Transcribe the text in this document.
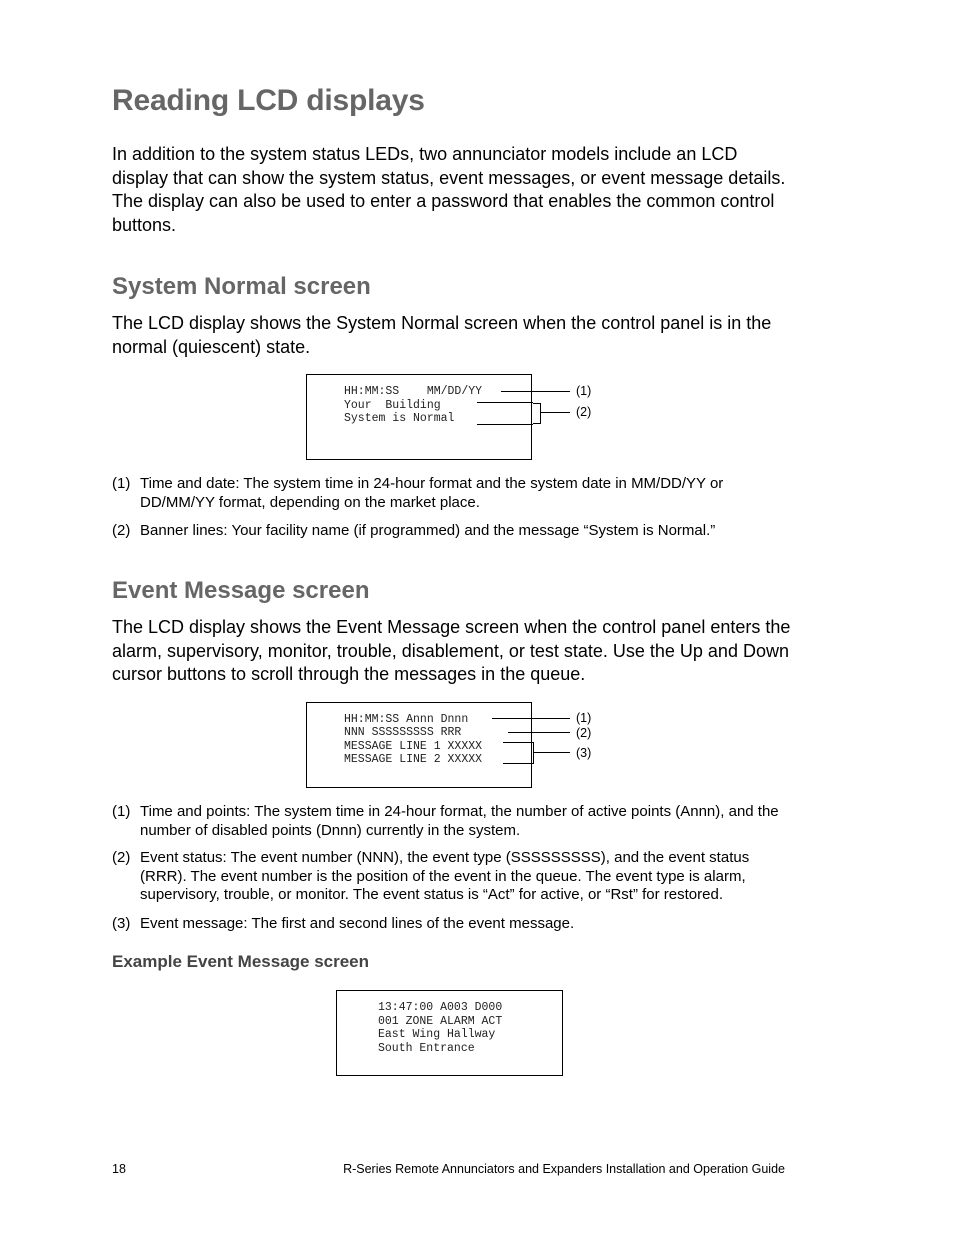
Reading LCD displays

In addition to the system status LEDs, two annunciator models include an LCD display that can show the system status, event messages, or event message details. The display can also be used to enter a password that enables the common control buttons.

System Normal screen

The LCD display shows the System Normal screen when the control panel is in the normal (quiescent) state.

HH:MM:SS    MM/DD/YY
Your  Building
System is Normal
(1)
(2)
(1) Time and date: The system time in 24-hour format and the system date in MM/DD/YY or DD/MM/YY format, depending on the market place.
(2) Banner lines: Your facility name (if programmed) and the message “System is Normal.”
Event Message screen

The LCD display shows the Event Message screen when the control panel enters the alarm, supervisory, monitor, trouble, disablement, or test state. Use the Up and Down cursor buttons to scroll through the messages in the queue.

HH:MM:SS Annn Dnnn
NNN SSSSSSSSS RRR
MESSAGE LINE 1 XXXXX
MESSAGE LINE 2 XXXXX
(1)
(2)
(3)
(1) Time and points: The system time in 24-hour format, the number of active points (Annn), and the number of disabled points (Dnnn) currently in the system.
(2) Event status: The event number (NNN), the event type (SSSSSSSSS), and the event status (RRR). The event number is the position of the event in the queue. The event type is alarm, supervisory, trouble, or monitor. The event status is “Act” for active, or “Rst” for restored.
(3) Event message: The first and second lines of the event message.
Example Event Message screen
13:47:00 A003 D000
001 ZONE ALARM ACT
East Wing Hallway
South Entrance
18	R-Series Remote Annunciators and Expanders Installation and Operation Guide
